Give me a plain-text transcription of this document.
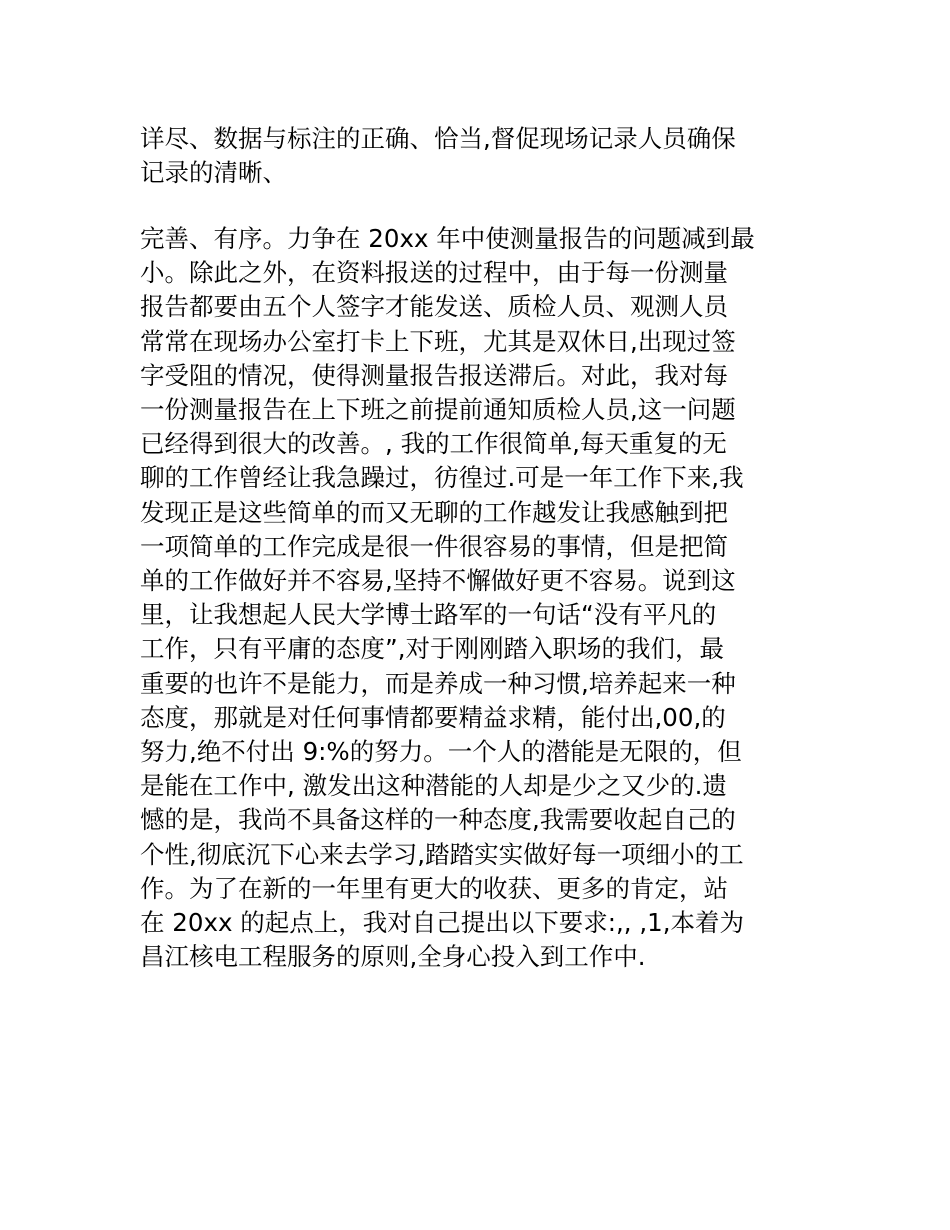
详尽、数据与标注的正确、恰当,督促现场记录人员确保
记录的清晰、
完善、有序。力争在 20xx 年中使测量报告的问题减到最
小。除此之外，在资料报送的过程中，由于每一份测量
报告都要由五个人签字才能发送、质检人员、观测人员
常常在现场办公室打卡上下班，尤其是双休日,出现过签
字受阻的情况，使得测量报告报送滞后。对此，我对每
一份测量报告在上下班之前提前通知质检人员,这一问题
已经得到很大的改善。, 我的工作很简单,每天重复的无
聊的工作曾经让我急躁过，彷徨过.可是一年工作下来,我
发现正是这些简单的而又无聊的工作越发让我感触到把
一项简单的工作完成是很一件很容易的事情，但是把简
单的工作做好并不容易,坚持不懈做好更不容易。说到这
里，让我想起人民大学博士路军的一句话“没有平凡的
工作，只有平庸的态度”,对于刚刚踏入职场的我们，最
重要的也许不是能力，而是养成一种习惯,培养起来一种
态度，那就是对任何事情都要精益求精，能付出,00,的
努力,绝不付出 9:%的努力。一个人的潜能是无限的，但
是能在工作中, 激发出这种潜能的人却是少之又少的.遗
憾的是，我尚不具备这样的一种态度,我需要收起自己的
个性,彻底沉下心来去学习,踏踏实实做好每一项细小的工
作。为了在新的一年里有更大的收获、更多的肯定，站
在 20xx 的起点上，我对自己提出以下要求:,, ,1,本着为
昌江核电工程服务的原则,全身心投入到工作中.
